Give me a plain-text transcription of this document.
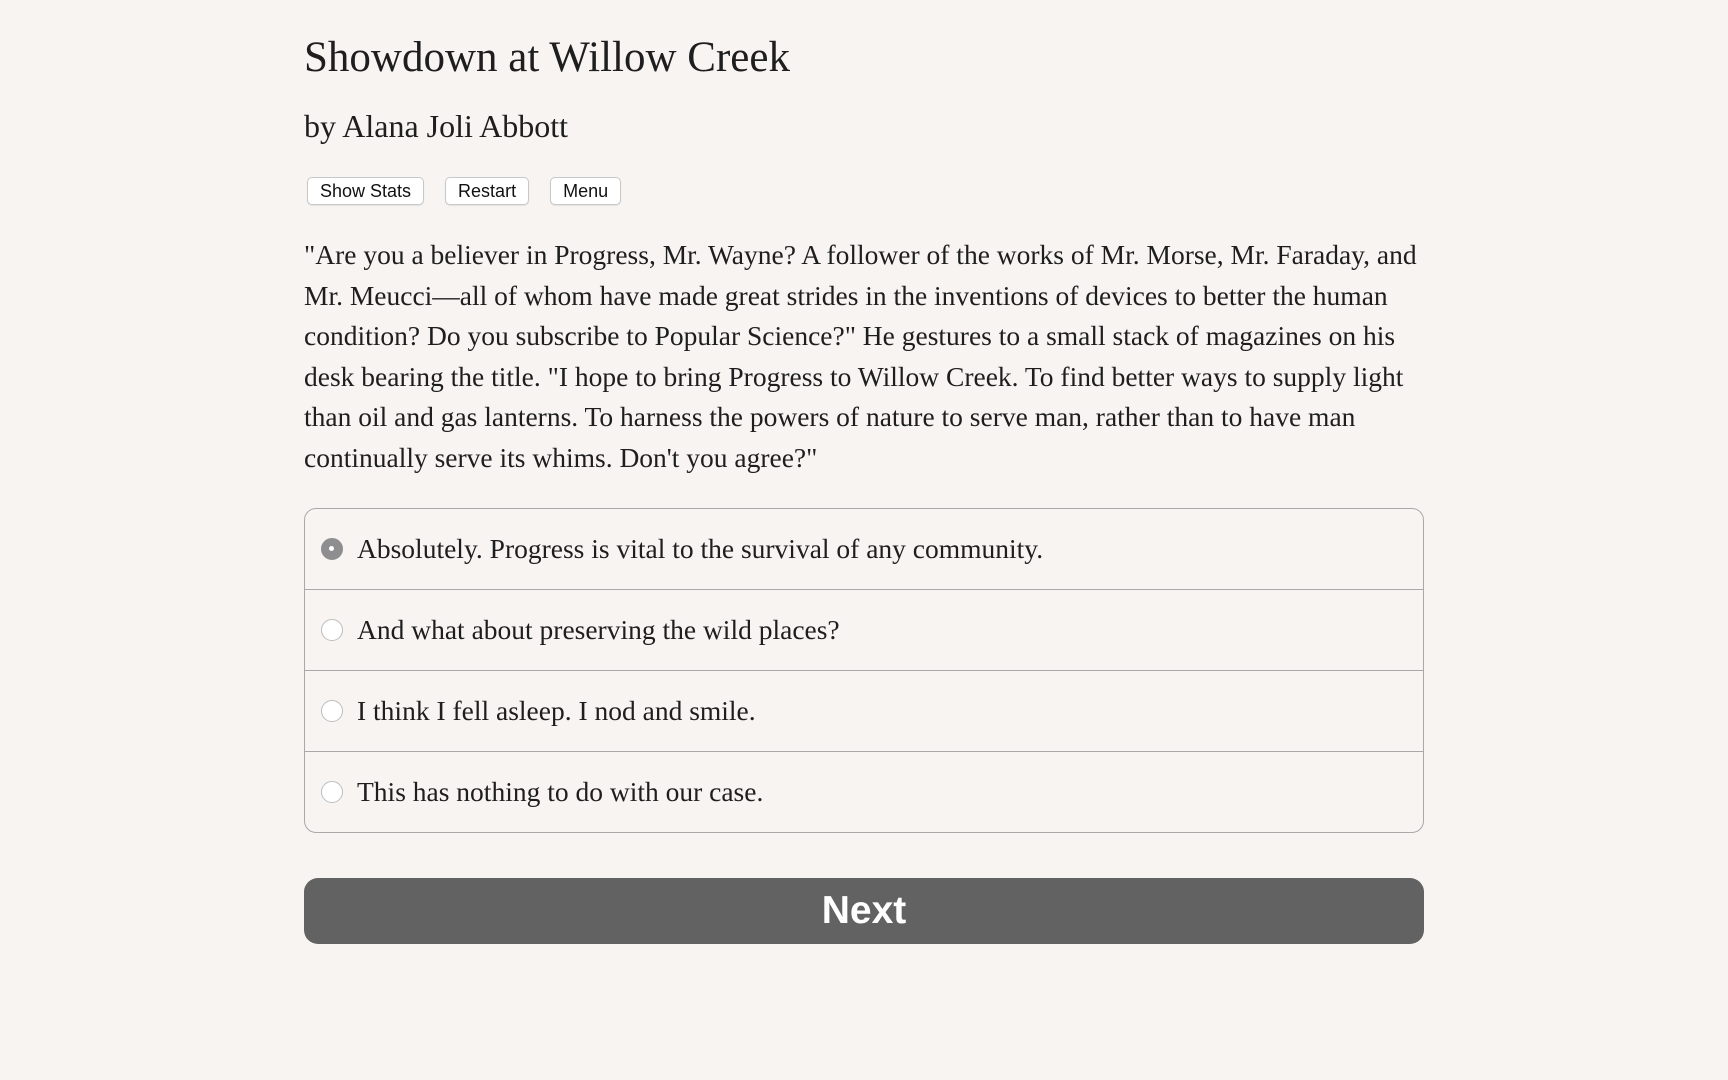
Showdown at Willow Creek
by Alana Joli Abbott
Show Stats	Restart	Menu

"Are you a believer in Progress, Mr. Wayne? A follower of the works of Mr. Morse, Mr. Faraday, and Mr. Meucci—all of whom have made great strides in the inventions of devices to better the human condition? Do you subscribe to Popular Science?" He gestures to a small stack of magazines on his desk bearing the title. "I hope to bring Progress to Willow Creek. To find better ways to supply light than oil and gas lanterns. To harness the powers of nature to serve man, rather than to have man continually serve its whims. Don't you agree?"

Absolutely. Progress is vital to the survival of any community.
And what about preserving the wild places?
I think I fell asleep. I nod and smile.
This has nothing to do with our case.
Next
